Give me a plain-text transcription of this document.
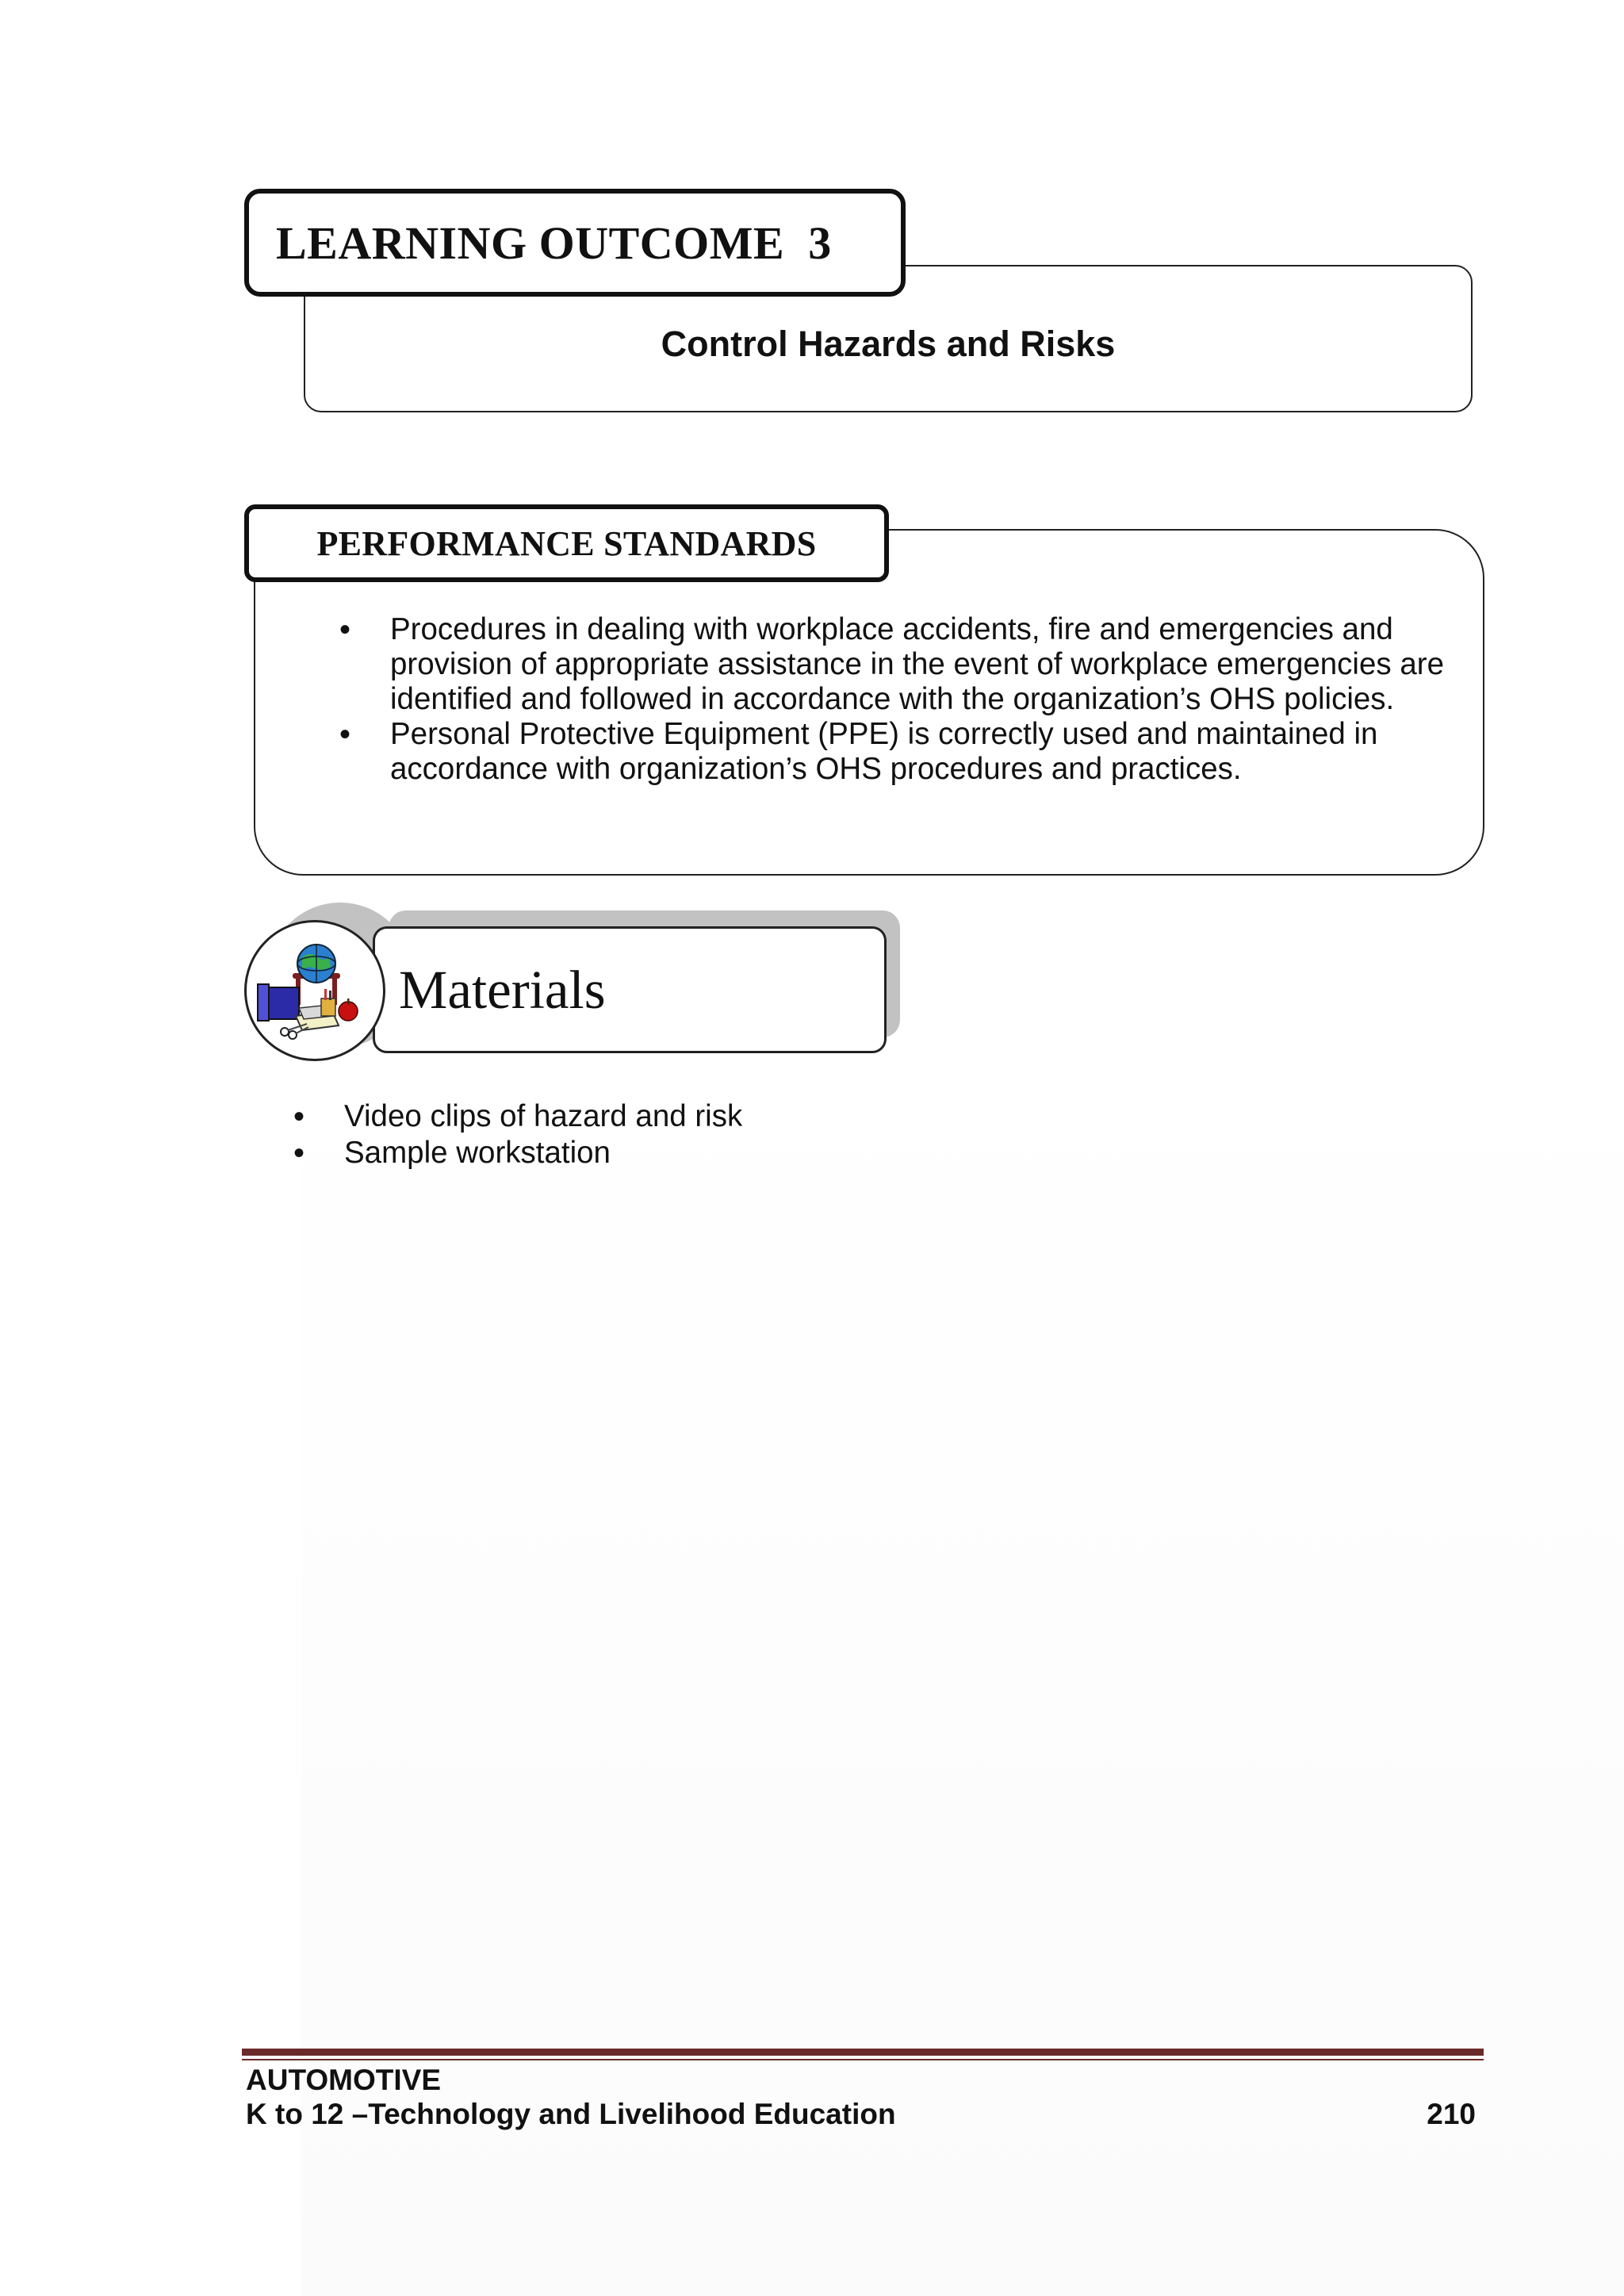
Control Hazards and Risks
LEARNING OUTCOME  3
PERFORMANCE STANDARDS
• Procedures in dealing with workplace accidents, fire and emergencies and provision of appropriate assistance in the event of workplace emergencies are identified and followed in accordance with the organization’s OHS policies.
• Personal Protective Equipment (PPE) is correctly used and maintained in accordance with organization’s OHS procedures and practices.
Materials
• Video clips of hazard and risk
• Sample workstation
AUTOMOTIVE
K to 12 –Technology and Livelihood Education	210
